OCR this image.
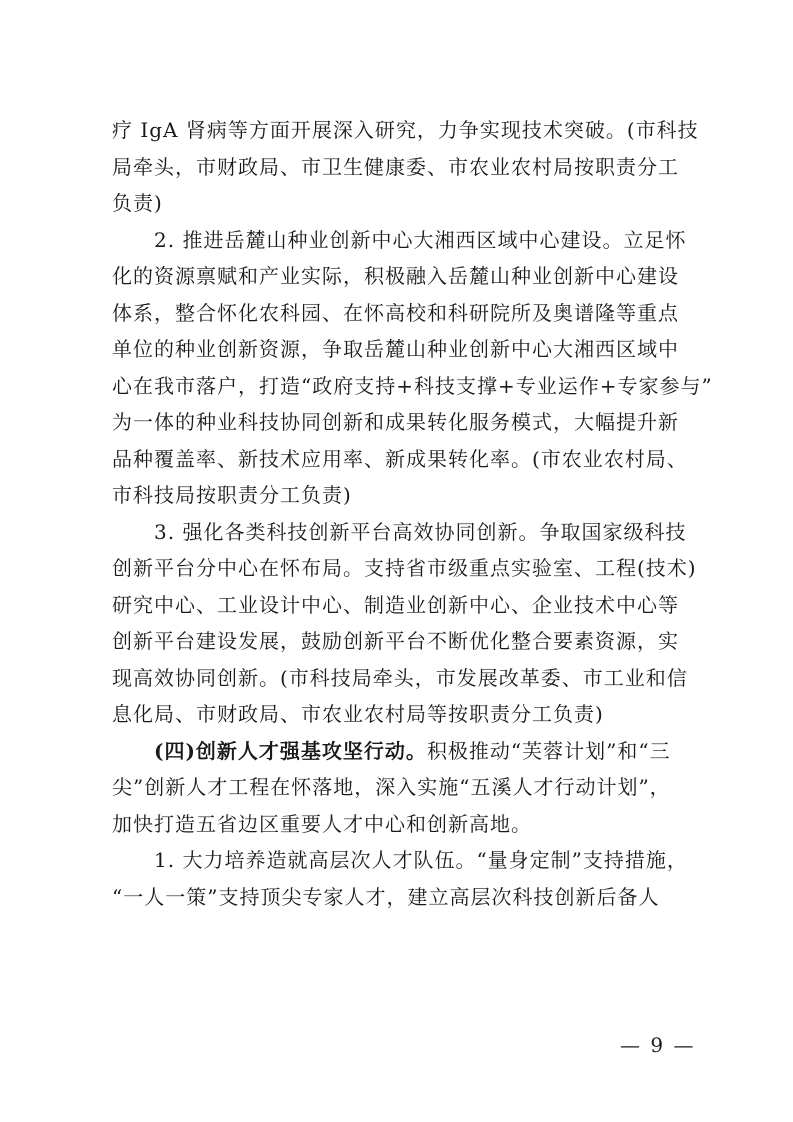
疗 IgA 肾病等方面开展深入研究，力争实现技术突破。(市科技
局牵头，市财政局、市卫生健康委、市农业农村局按职责分工
负责)

　　2. 推进岳麓山种业创新中心大湘西区域中心建设。立足怀
化的资源禀赋和产业实际，积极融入岳麓山种业创新中心建设
体系，整合怀化农科园、在怀高校和科研院所及奥谱隆等重点
单位的种业创新资源，争取岳麓山种业创新中心大湘西区域中
心在我市落户，打造“政府支持+科技支撑+专业运作+专家参与”
为一体的种业科技协同创新和成果转化服务模式，大幅提升新
品种覆盖率、新技术应用率、新成果转化率。(市农业农村局、
市科技局按职责分工负责)

　　3. 强化各类科技创新平台高效协同创新。争取国家级科技
创新平台分中心在怀布局。支持省市级重点实验室、工程(技术)
研究中心、工业设计中心、制造业创新中心、企业技术中心等
创新平台建设发展，鼓励创新平台不断优化整合要素资源，实
现高效协同创新。(市科技局牵头，市发展改革委、市工业和信
息化局、市财政局、市农业农村局等按职责分工负责)

　　(四)创新人才强基攻坚行动。积极推动“芙蓉计划”和“三
尖”创新人才工程在怀落地，深入实施“五溪人才行动计划”，
加快打造五省边区重要人才中心和创新高地。

　　1. 大力培养造就高层次人才队伍。“量身定制”支持措施，
“一人一策”支持顶尖专家人才，建立高层次科技创新后备人

— 9 —
